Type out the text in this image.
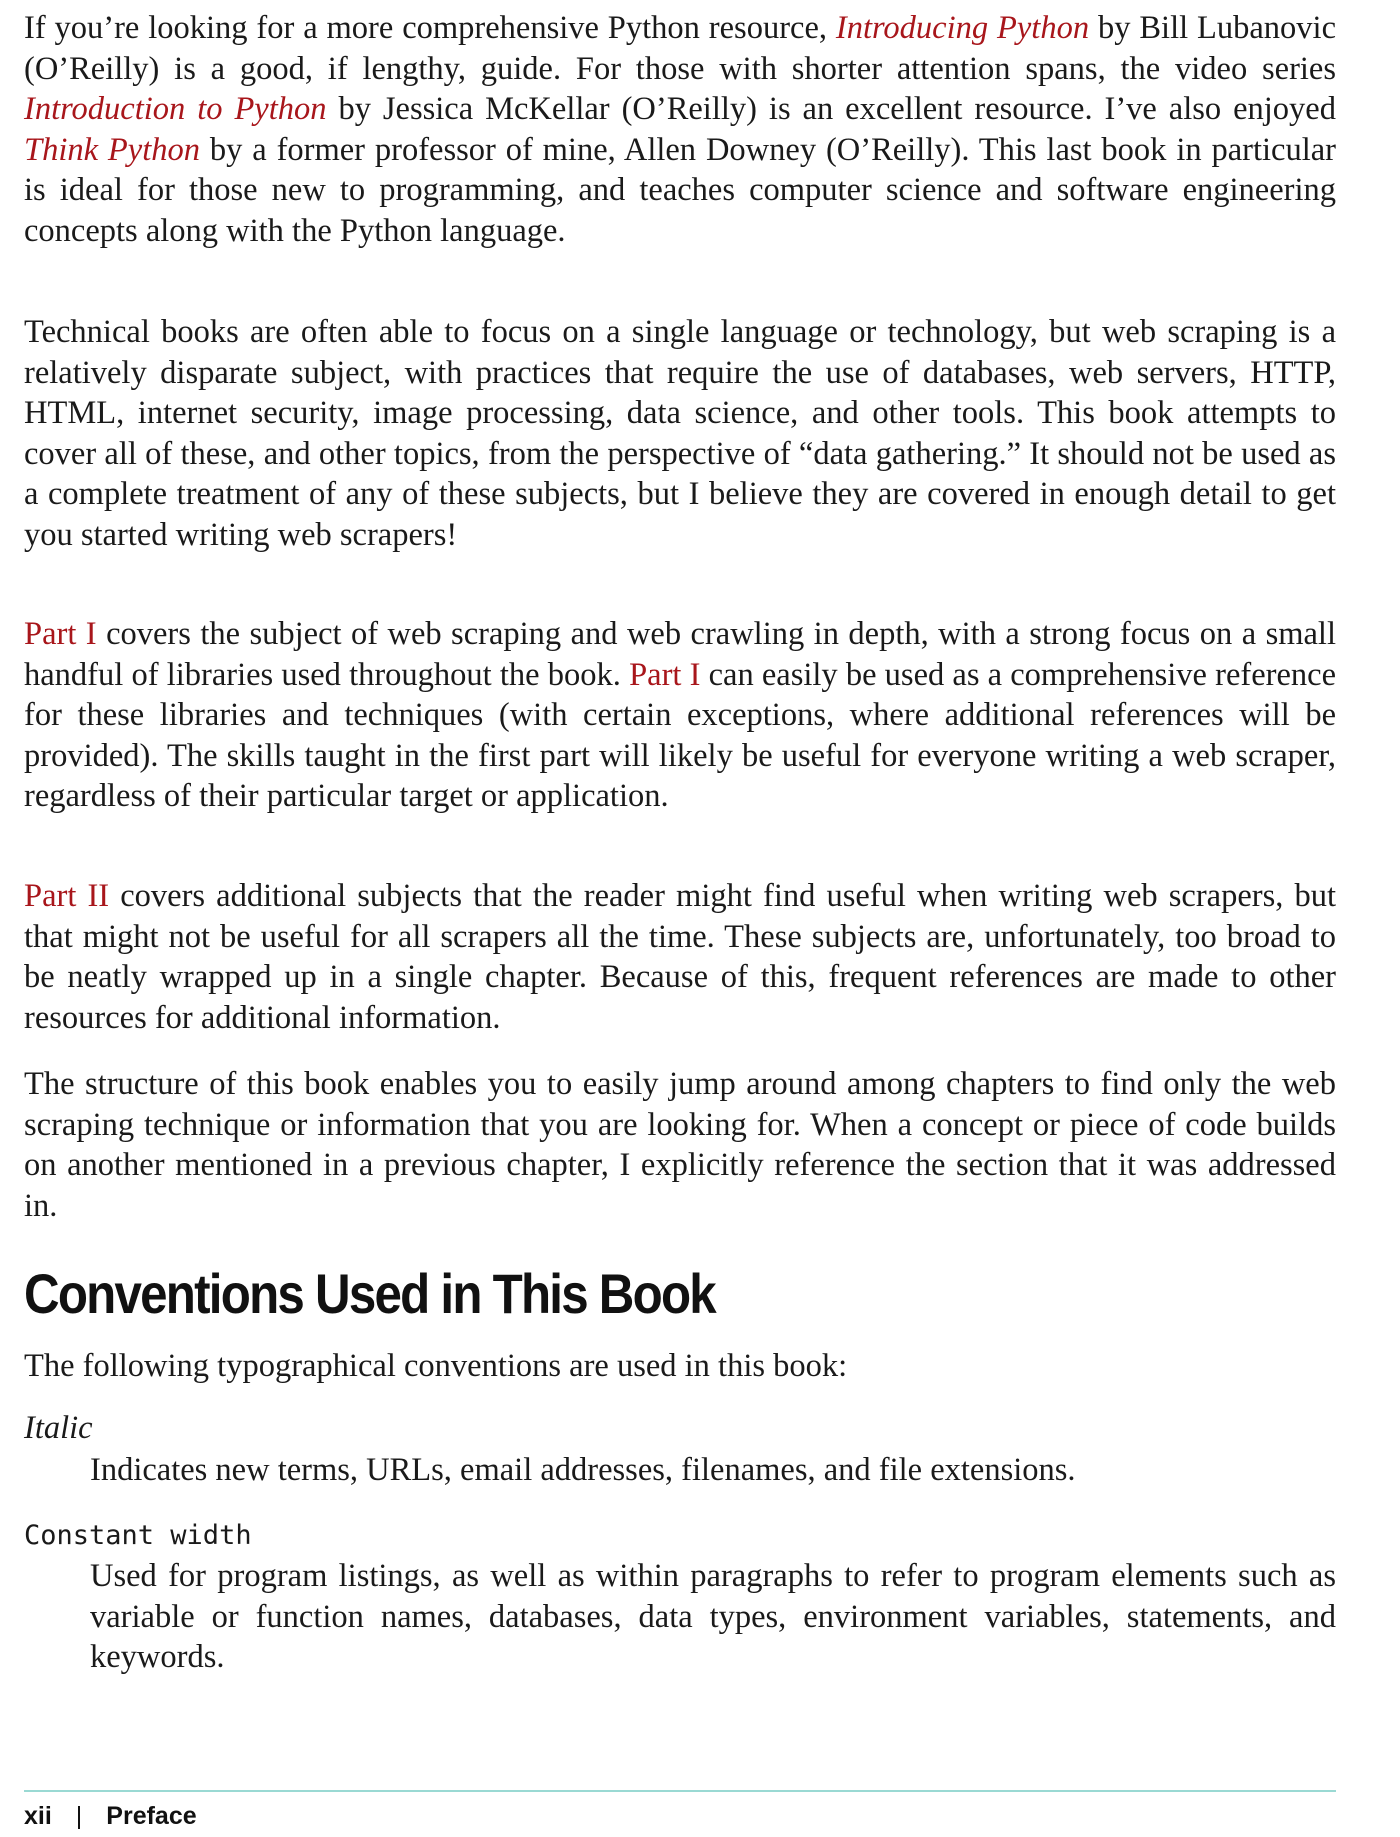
If you’re looking for a more comprehensive Python resource, Introducing Python by Bill Lubanovic (O’Reilly) is a good, if lengthy, guide. For those with shorter attention spans, the video series Introduction to Python by Jessica McKellar (O’Reilly) is an excellent resource. I’ve also enjoyed Think Python by a former professor of mine, Allen Downey (O’Reilly). This last book in particular is ideal for those new to programming, and teaches computer science and software engineering concepts along with the Python language.

Technical books are often able to focus on a single language or technology, but web scraping is a relatively disparate subject, with practices that require the use of databases, web servers, HTTP, HTML, internet security, image processing, data science, and other tools. This book attempts to cover all of these, and other topics, from the perspective of “data gathering.” It should not be used as a complete treatment of any of these subjects, but I believe they are covered in enough detail to get you started writing web scrapers!

Part I covers the subject of web scraping and web crawling in depth, with a strong focus on a small handful of libraries used throughout the book. Part I can easily be used as a comprehensive reference for these libraries and techniques (with certain exceptions, where additional references will be provided). The skills taught in the first part will likely be useful for everyone writing a web scraper, regardless of their particular target or application.

Part II covers additional subjects that the reader might find useful when writing web scrapers, but that might not be useful for all scrapers all the time. These subjects are, unfortunately, too broad to be neatly wrapped up in a single chapter. Because of this, frequent references are made to other resources for additional information.

The structure of this book enables you to easily jump around among chapters to find only the web scraping technique or information that you are looking for. When a concept or piece of code builds on another mentioned in a previous chapter, I explicitly reference the section that it was addressed in.

Conventions Used in This Book

The following typographical conventions are used in this book:

Italic

Indicates new terms, URLs, email addresses, filenames, and file extensions.

Constant width

Used for program listings, as well as within paragraphs to refer to program elements such as variable or function names, databases, data types, environment variables, statements, and keywords.

xii | Preface
